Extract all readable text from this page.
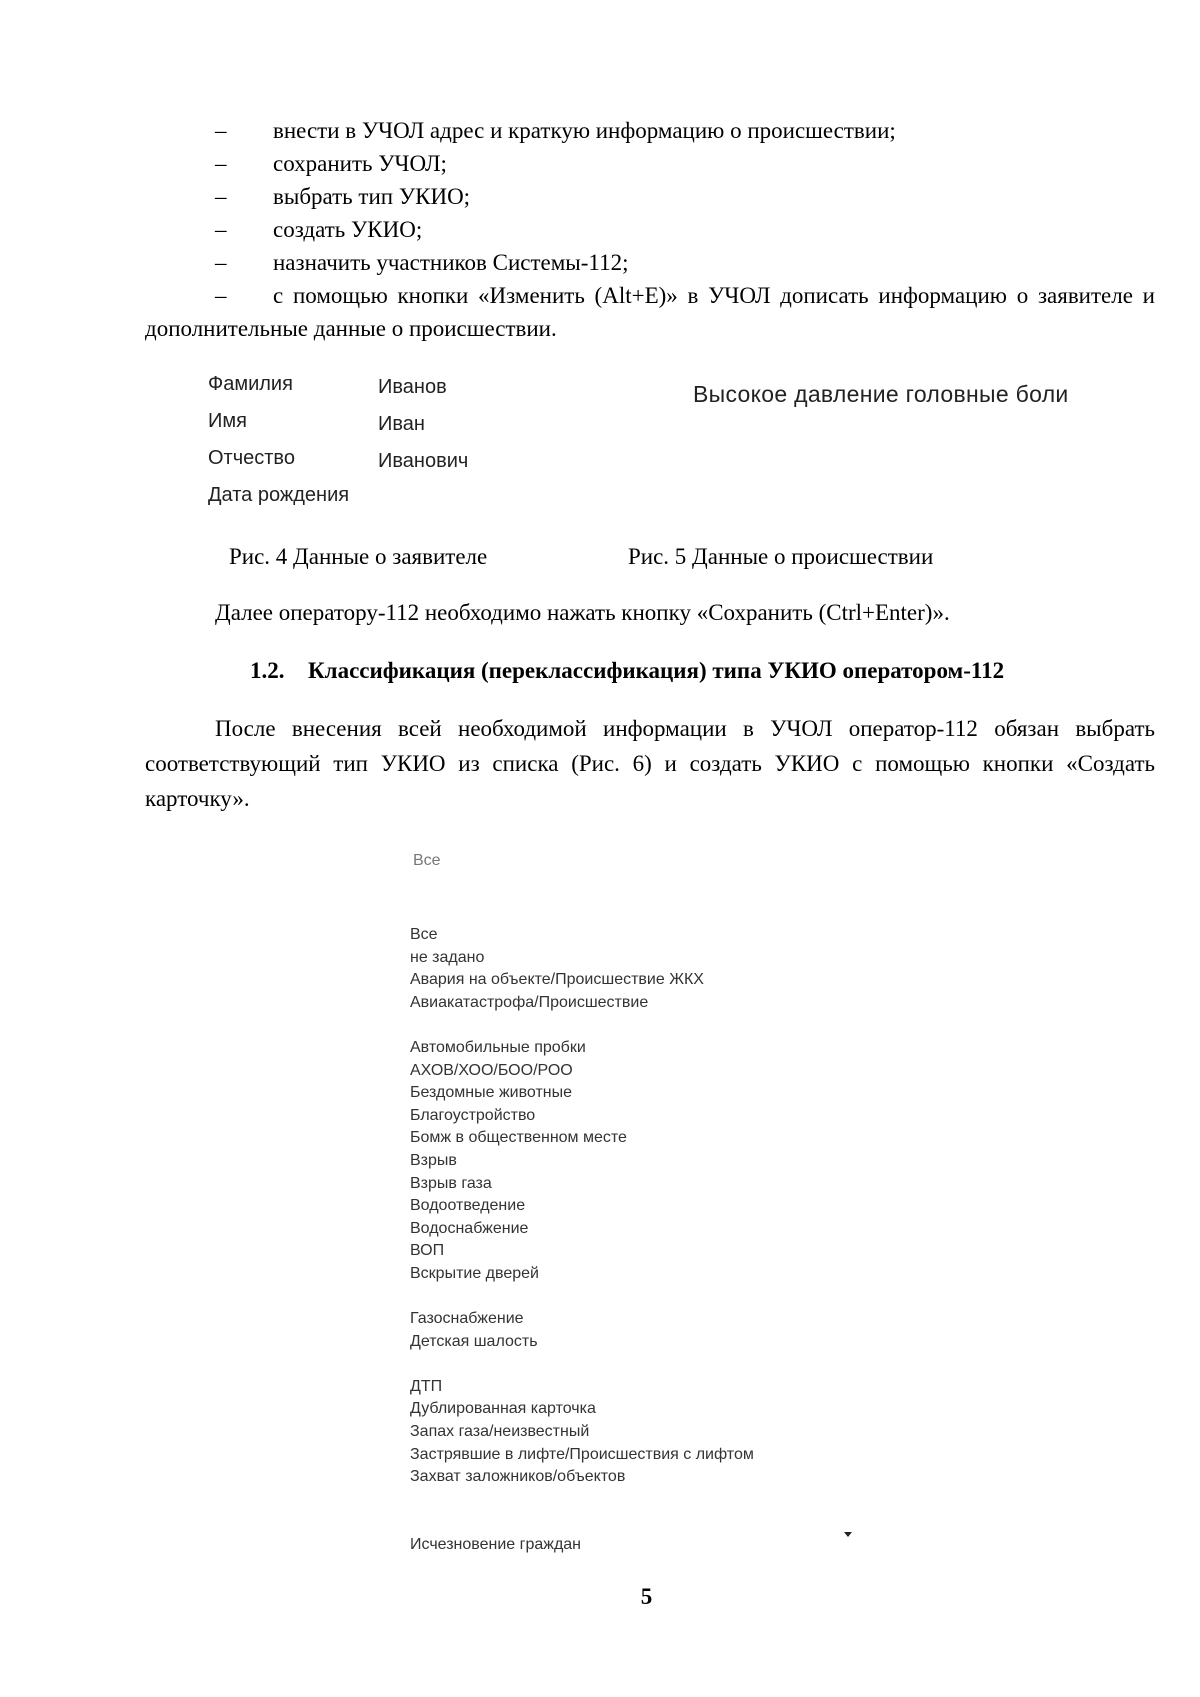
– внести в УЧОЛ адрес и краткую информацию о происшествии;
– сохранить УЧОЛ;
– выбрать тип УКИО;
– создать УКИО;
– назначить участников Системы-112;
– с помощью кнопки «Изменить (Alt+E)» в УЧОЛ дописать информацию о заявителе и дополнительные данные о происшествии.
Фамилия	Иванов
Имя	Иван
Отчество	Иванович
Дата рождения
Высокое давление головные боли
Рис. 4 Данные о заявителе	Рис. 5 Данные о происшествии
Далее оператору-112 необходимо нажать кнопку «Сохранить (Ctrl+Enter)».
1.2. Классификация (переклассификация) типа УКИО оператором-112
После внесения всей необходимой информации в УЧОЛ оператор-112 обязан выбрать соответствующий тип УКИО из списка (Рис. 6) и создать УКИО с помощью кнопки «Создать карточку».
Все
Все
не задано
Авария на объекте/Происшествие ЖКХ
Авиакатастрофа/Происшествие
Автомобильные пробки
АХОВ/ХОО/БОО/РОО
Бездомные животные
Благоустройство
Бомж в общественном месте
Взрыв
Взрыв газа
Водоотведение
Водоснабжение
ВОП
Вскрытие дверей
Газоснабжение
Детская шалость
ДТП
Дублированная карточка
Запах газа/неизвестный
Застрявшие в лифте/Происшествия с лифтом
Захват заложников/объектов
Исчезновение граждан
5
